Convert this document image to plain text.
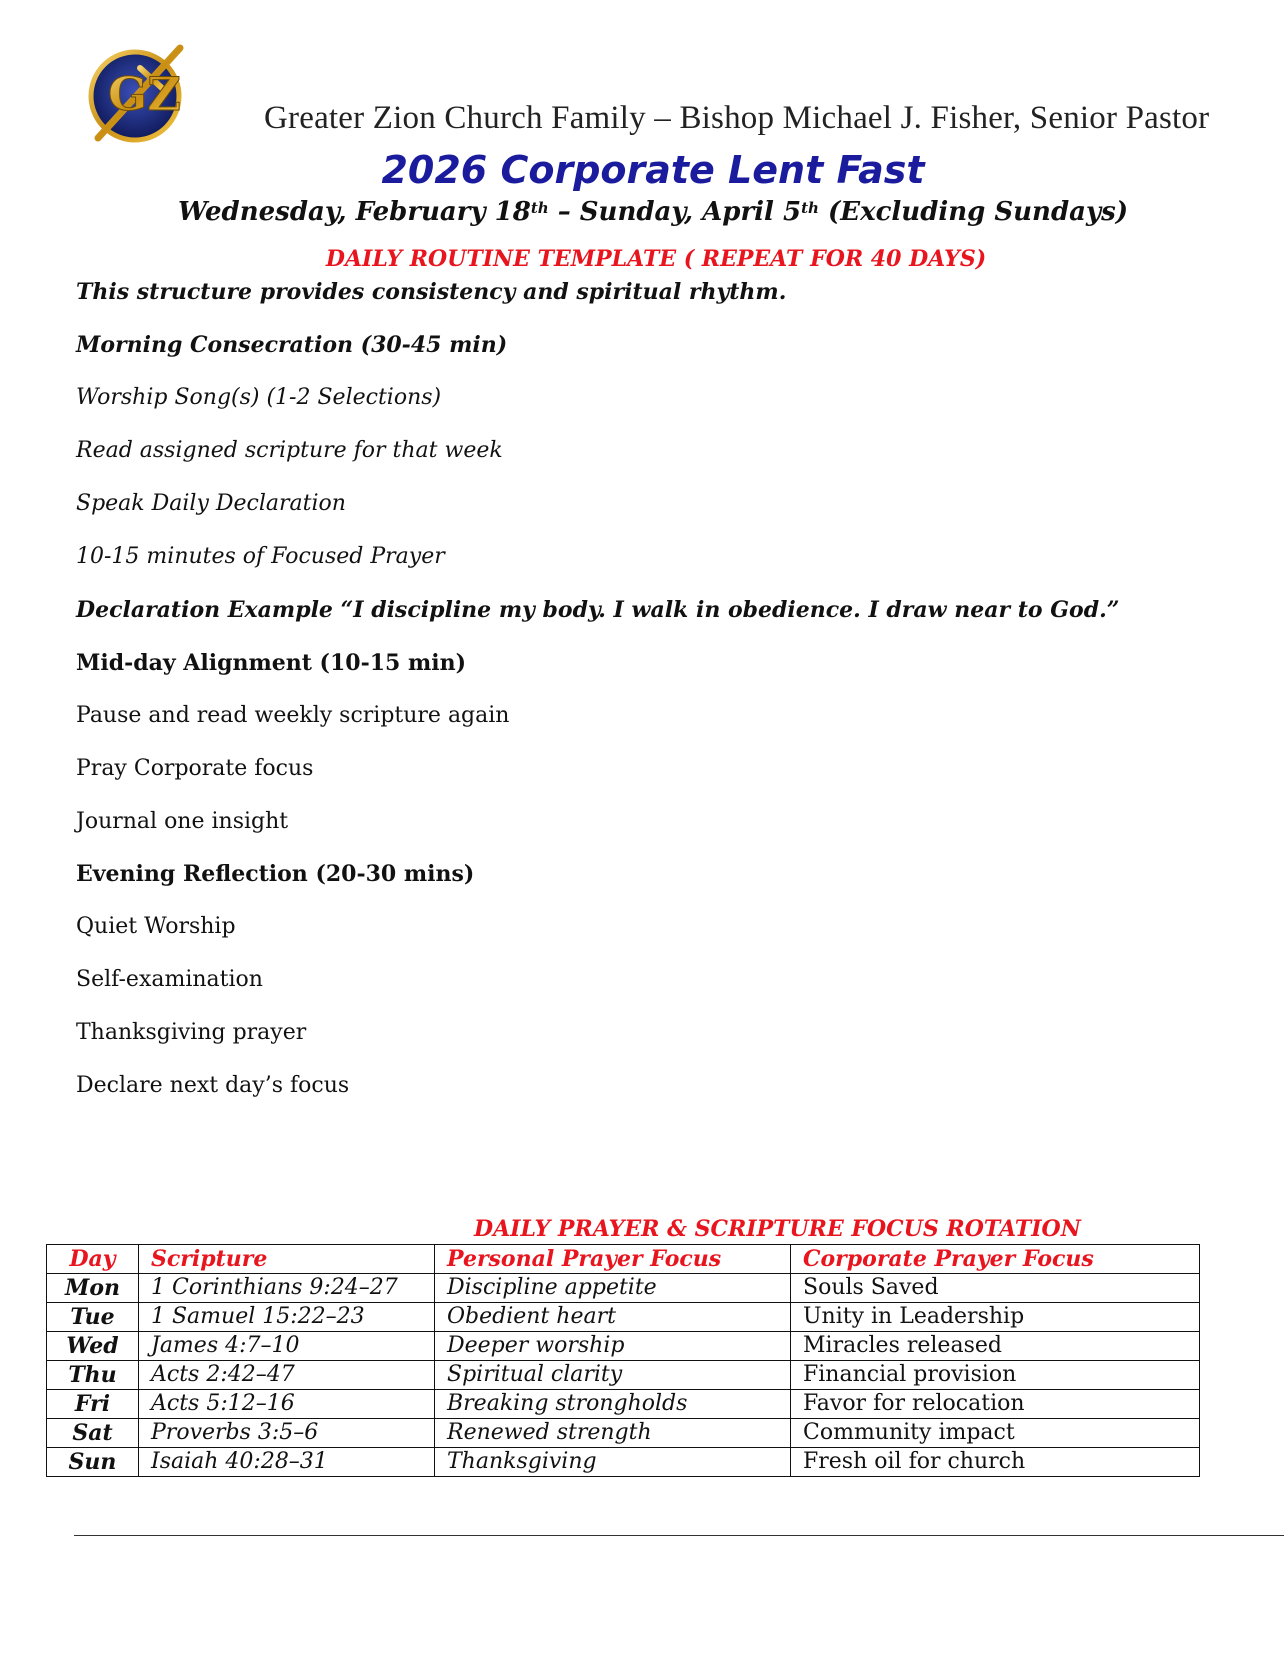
GZ	Greater Zion Church Family – Bishop Michael J. Fisher, Senior Pastor
2026 Corporate Lent Fast
Wednesday, February 18th – Sunday, April 5th (Excluding Sundays)
DAILY ROUTINE TEMPLATE ( REPEAT FOR 40 DAYS)
This structure provides consistency and spiritual rhythm.
Morning Consecration (30-45 min)
Worship Song(s) (1-2 Selections)
Read assigned scripture for that week
Speak Daily Declaration
10-15 minutes of Focused Prayer
Declaration Example “I discipline my body. I walk in obedience. I draw near to God.”
Mid-day Alignment (10-15 min)
Pause and read weekly scripture again
Pray Corporate focus
Journal one insight
Evening Reflection (20-30 mins)
Quiet Worship
Self-examination
Thanksgiving prayer
Declare next day’s focus
DAILY PRAYER & SCRIPTURE FOCUS ROTATION
Day	Scripture	Personal Prayer Focus	Corporate Prayer Focus
Mon	1 Corinthians 9:24–27	Discipline appetite	Souls Saved
Tue	1 Samuel 15:22–23	Obedient heart	Unity in Leadership
Wed	James 4:7–10	Deeper worship	Miracles released
Thu	Acts 2:42–47	Spiritual clarity	Financial provision
Fri	Acts 5:12–16	Breaking strongholds	Favor for relocation
Sat	Proverbs 3:5–6	Renewed strength	Community impact
Sun	Isaiah 40:28–31	Thanksgiving	Fresh oil for church
